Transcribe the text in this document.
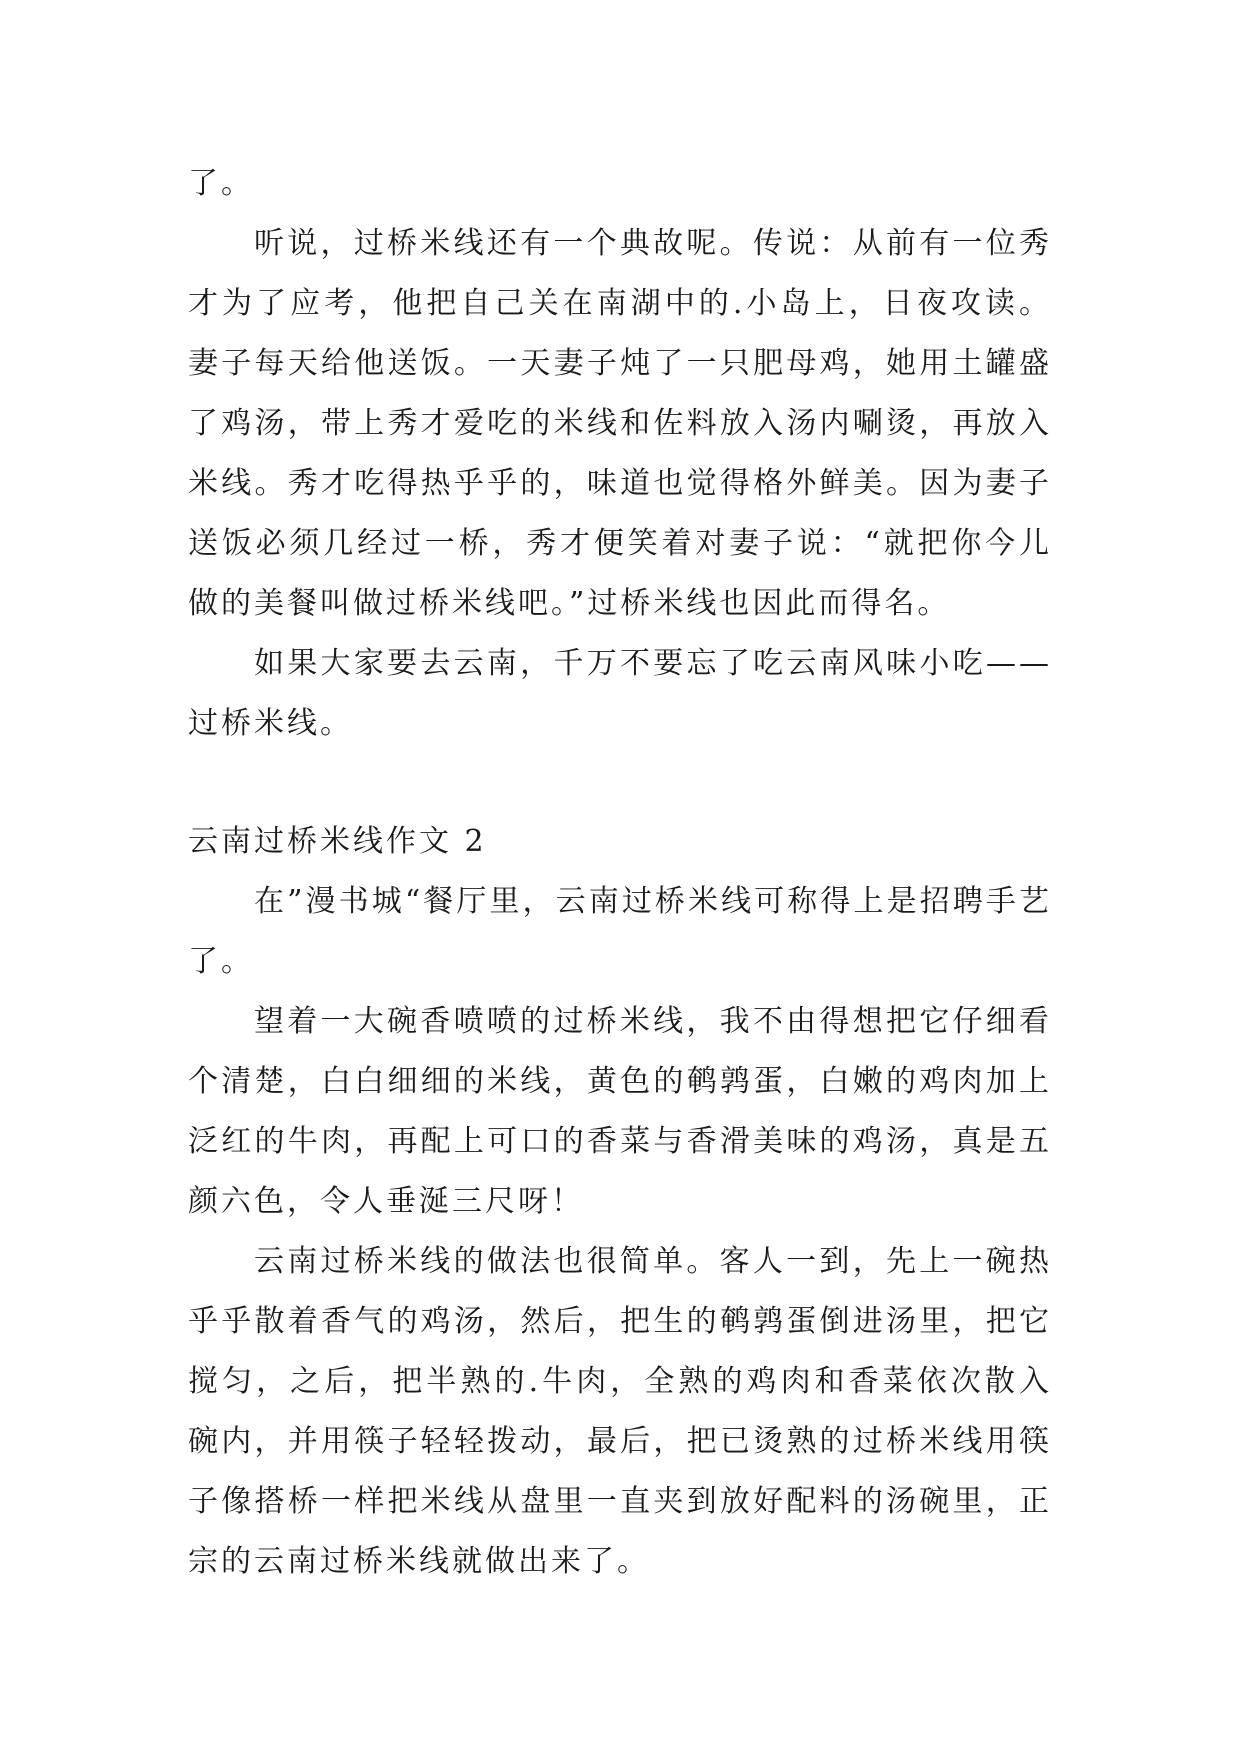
了。

听说，过桥米线还有一个典故呢。传说：从前有一位秀才为了应考，他把自己关在南湖中的.小岛上，日夜攻读。妻子每天给他送饭。一天妻子炖了一只肥母鸡，她用土罐盛了鸡汤，带上秀才爱吃的米线和佐料放入汤内唰烫，再放入米线。秀才吃得热乎乎的，味道也觉得格外鲜美。因为妻子送饭必须几经过一桥，秀才便笑着对妻子说：“就把你今儿做的美餐叫做过桥米线吧。”过桥米线也因此而得名。

如果大家要去云南，千万不要忘了吃云南风味小吃——过桥米线。

云南过桥米线作文 2

在”漫书城“餐厅里，云南过桥米线可称得上是招聘手艺了。

望着一大碗香喷喷的过桥米线，我不由得想把它仔细看个清楚，白白细细的米线，黄色的鹌鹑蛋，白嫩的鸡肉加上泛红的牛肉，再配上可口的香菜与香滑美味的鸡汤，真是五颜六色，令人垂涎三尺呀！

云南过桥米线的做法也很简单。客人一到，先上一碗热乎乎散着香气的鸡汤，然后，把生的鹌鹑蛋倒进汤里，把它搅匀，之后，把半熟的.牛肉，全熟的鸡肉和香菜依次散入碗内，并用筷子轻轻拨动，最后，把已烫熟的过桥米线用筷子像搭桥一样把米线从盘里一直夹到放好配料的汤碗里，正宗的云南过桥米线就做出来了。
